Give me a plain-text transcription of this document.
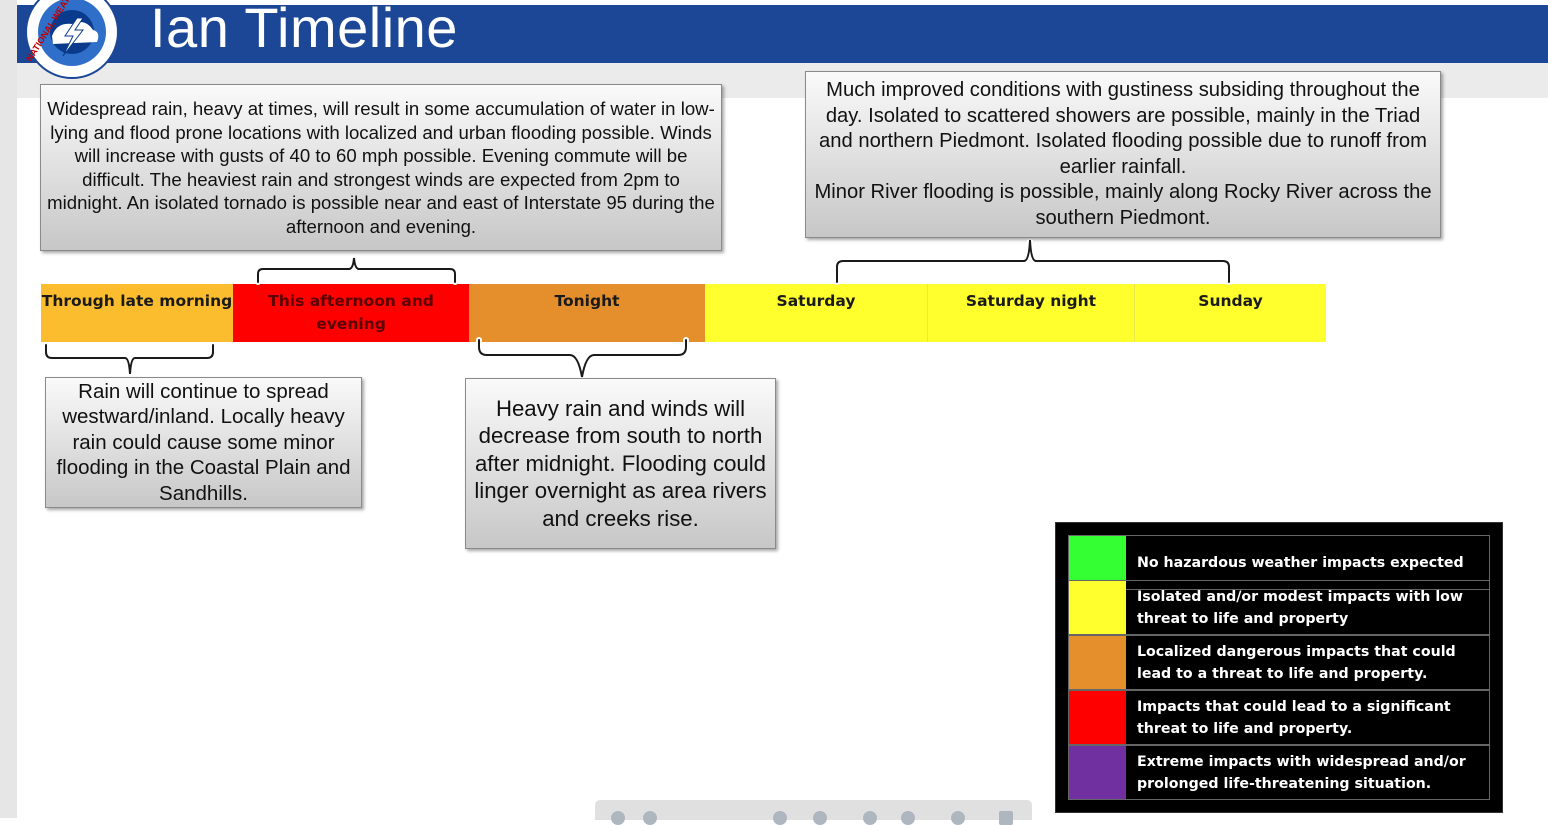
NATIONAL	Ian Timeline
Widespread rain, heavy at times, will result in some accumulation of water in low-lying and flood prone locations with localized and urban flooding possible. Winds will increase with gusts of 40 to 60 mph possible. Evening commute will be difficult. The heaviest rain and strongest winds are expected from 2pm to midnight. An isolated tornado is possible near and east of Interstate 95 during the afternoon and evening.
Much improved conditions with gustiness subsiding throughout the day. Isolated to scattered showers are possible, mainly in the Triad and northern Piedmont. Isolated flooding possible due to runoff from earlier rainfall.
Minor River flooding is possible, mainly along Rocky River across the southern Piedmont.
Through late morning	This afternoon and evening
Tonight	Saturday	Saturday night	Sunday
Rain will continue to spread westward/inland. Locally heavy rain could cause some minor flooding in the Coastal Plain and Sandhills.
Heavy rain and winds will decrease from south to north after midnight. Flooding could linger overnight as area rivers and creeks rise.
No hazardous weather impacts expected
Isolated and/or modest impacts with low threat to life and property
Localized dangerous impacts that could lead to a threat to life and property.
Impacts that could lead to a significant threat to life and property.
Extreme impacts with widespread and/or prolonged life-threatening situation.
